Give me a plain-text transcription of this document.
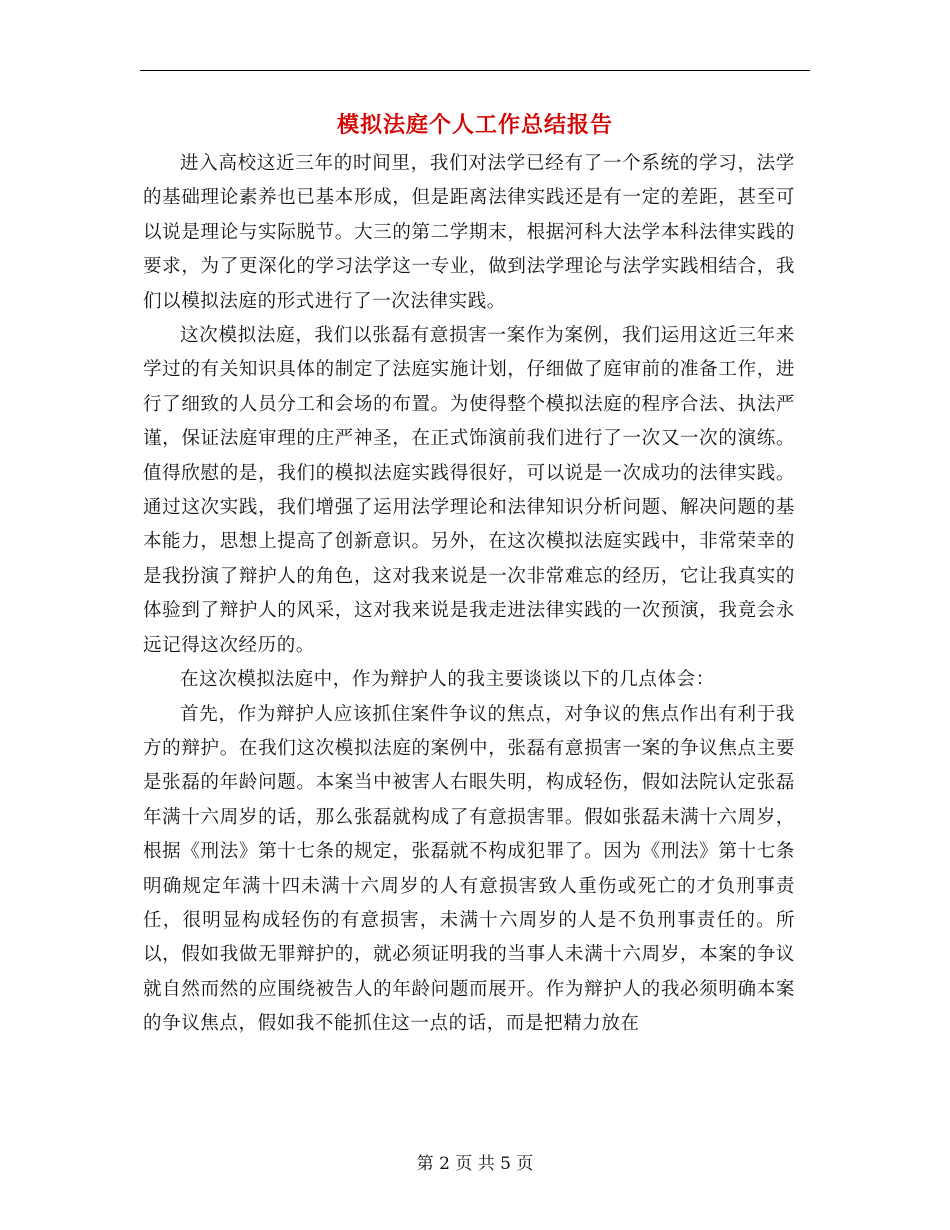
模拟法庭个人工作总结报告

进入高校这近三年的时间里，我们对法学已经有了一个系统的学习，法学的基础理论素养也已基本形成，但是距离法律实践还是有一定的差距，甚至可以说是理论与实际脱节。大三的第二学期末，根据河科大法学本科法律实践的要求，为了更深化的学习法学这一专业，做到法学理论与法学实践相结合，我们以模拟法庭的形式进行了一次法律实践。

这次模拟法庭，我们以张磊有意损害一案作为案例，我们运用这近三年来学过的有关知识具体的制定了法庭实施计划，仔细做了庭审前的准备工作，进行了细致的人员分工和会场的布置。为使得整个模拟法庭的程序合法、执法严谨，保证法庭审理的庄严神圣，在正式饰演前我们进行了一次又一次的演练。值得欣慰的是，我们的模拟法庭实践得很好，可以说是一次成功的法律实践。通过这次实践，我们增强了运用法学理论和法律知识分析问题、解决问题的基本能力，思想上提高了创新意识。另外，在这次模拟法庭实践中，非常荣幸的是我扮演了辩护人的角色，这对我来说是一次非常难忘的经历，它让我真实的体验到了辩护人的风采，这对我来说是我走进法律实践的一次预演，我竟会永远记得这次经历的。

在这次模拟法庭中，作为辩护人的我主要谈谈以下的几点体会：

首先，作为辩护人应该抓住案件争议的焦点，对争议的焦点作出有利于我方的辩护。在我们这次模拟法庭的案例中，张磊有意损害一案的争议焦点主要是张磊的年龄问题。本案当中被害人右眼失明，构成轻伤，假如法院认定张磊年满十六周岁的话，那么张磊就构成了有意损害罪。假如张磊未满十六周岁，根据《刑法》第十七条的规定，张磊就不构成犯罪了。因为《刑法》第十七条明确规定年满十四未满十六周岁的人有意损害致人重伤或死亡的才负刑事责任，很明显构成轻伤的有意损害，未满十六周岁的人是不负刑事责任的。所以，假如我做无罪辩护的，就必须证明我的当事人未满十六周岁，本案的争议就自然而然的应围绕被告人的年龄问题而展开。作为辩护人的我必须明确本案的争议焦点，假如我不能抓住这一点的话，而是把精力放在

第 2 页 共 5 页
